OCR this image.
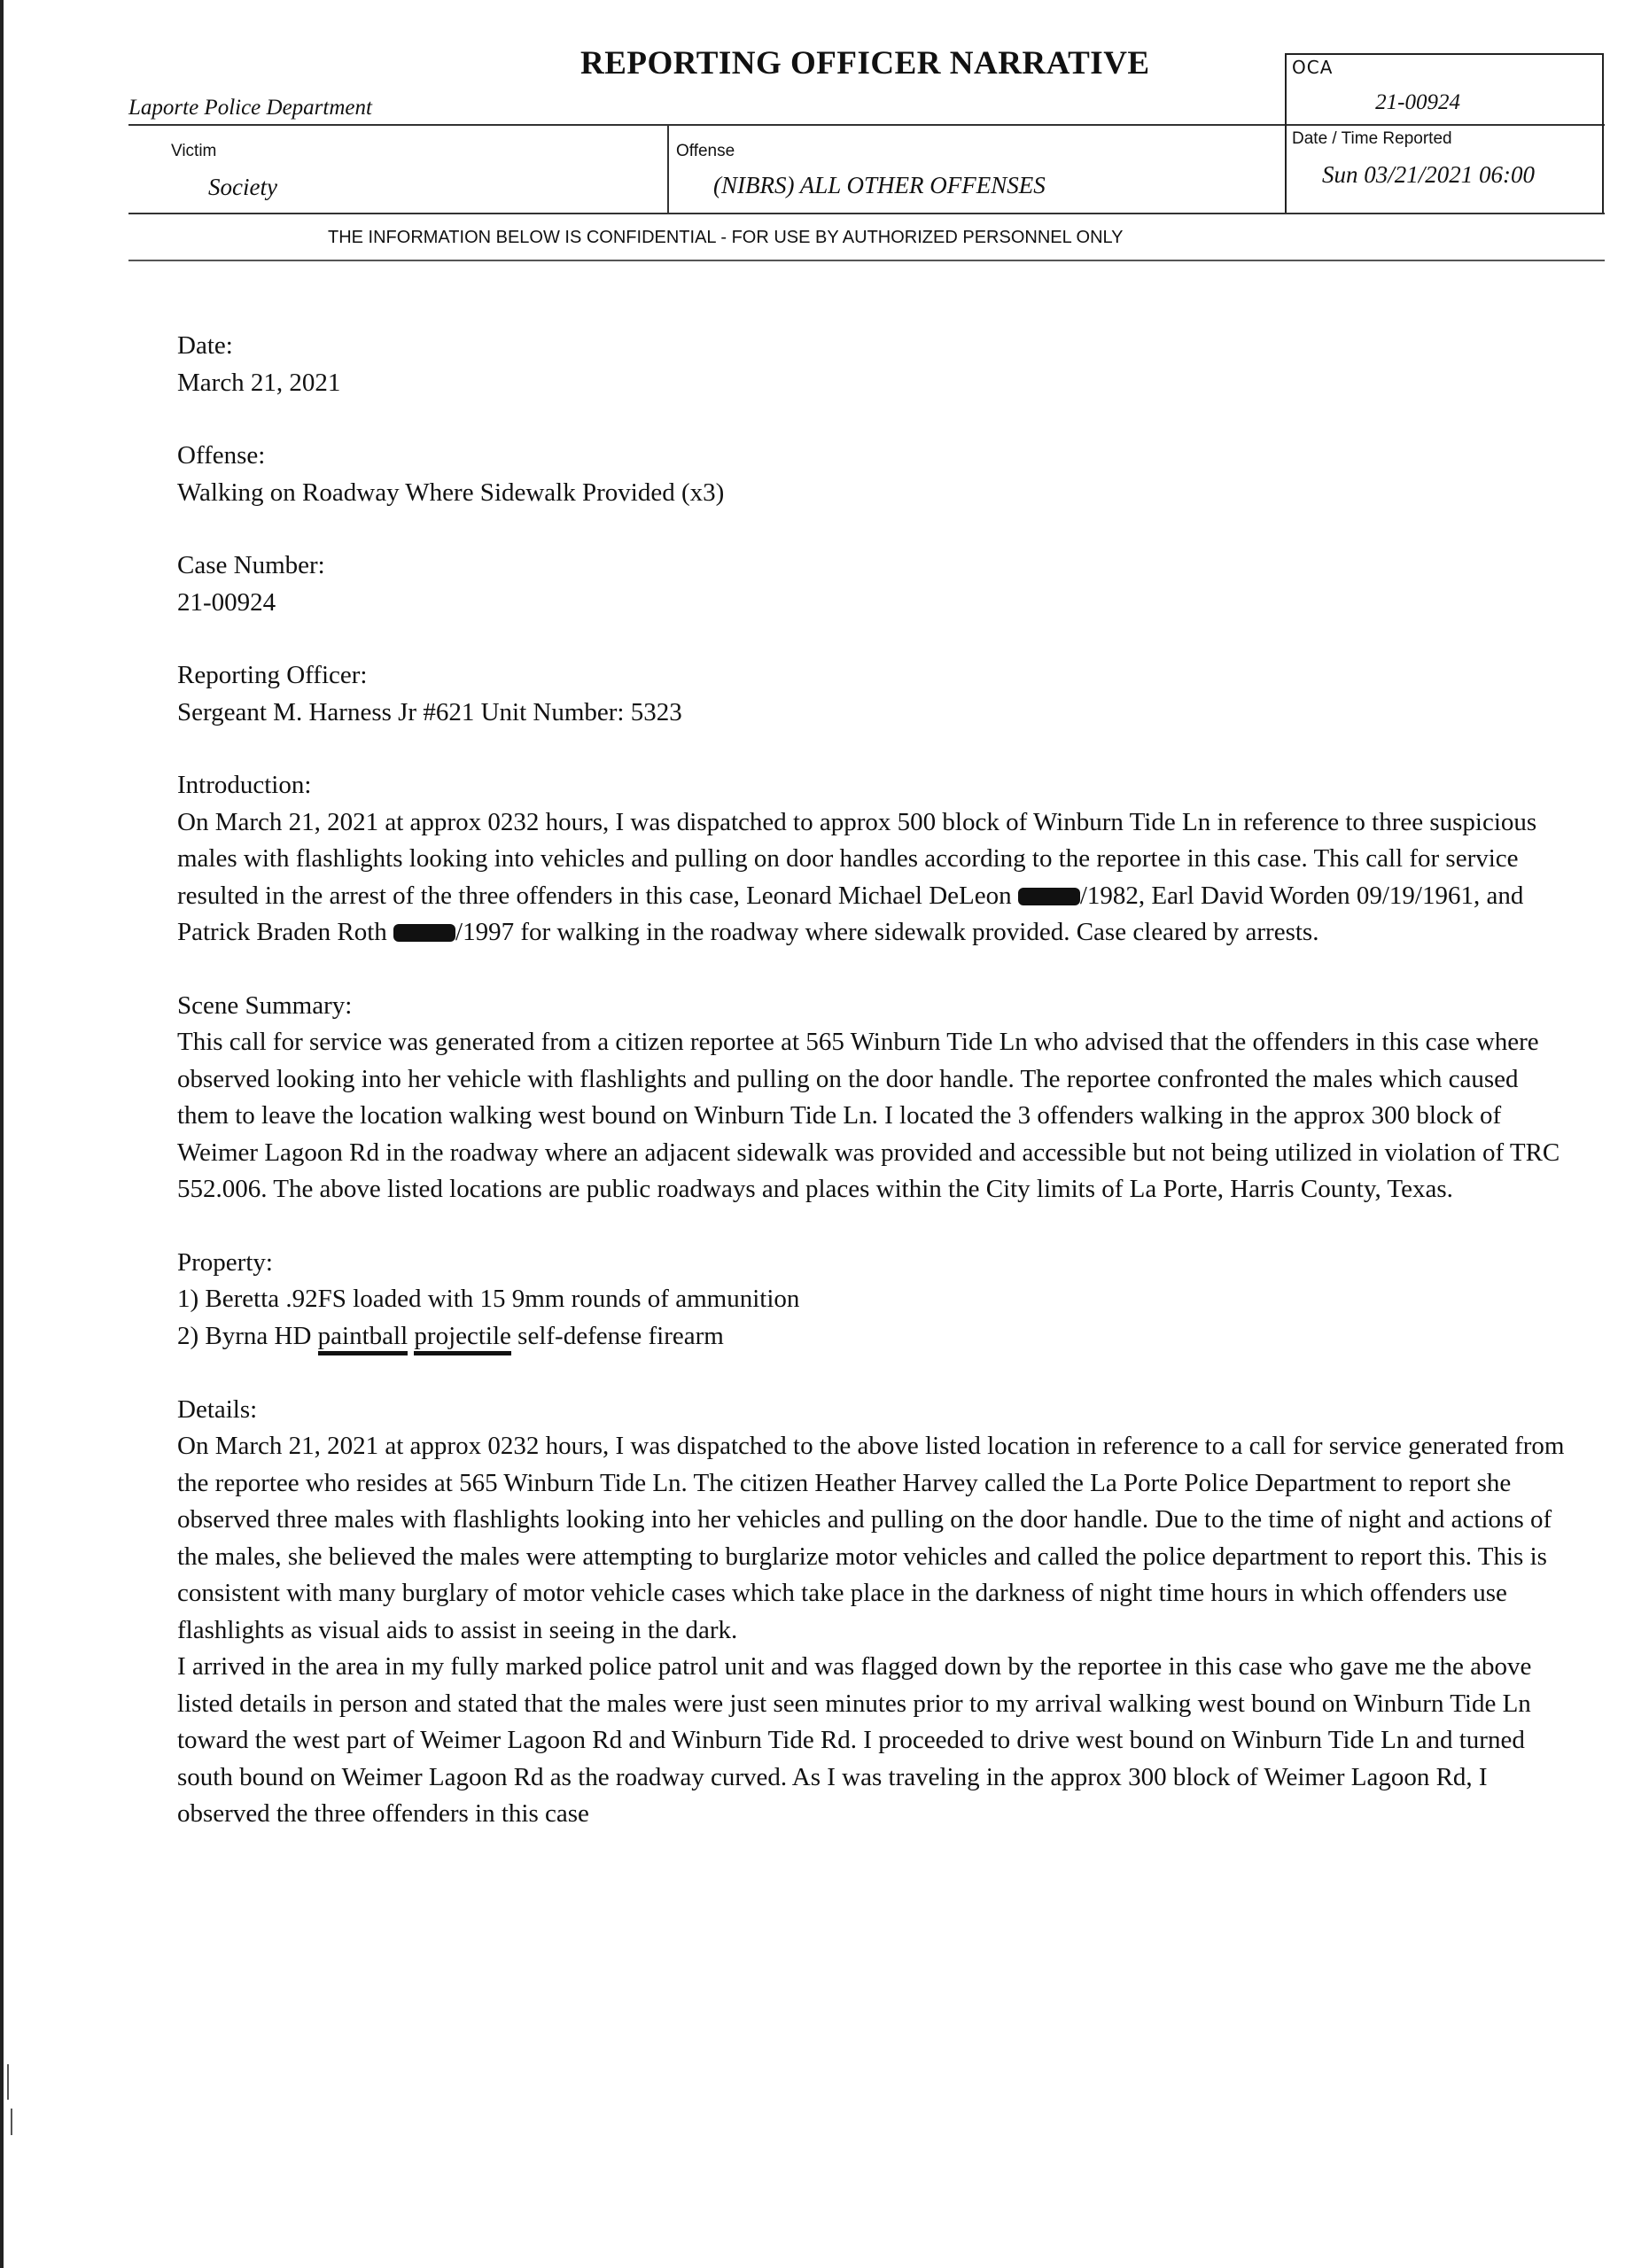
REPORTING OFFICER NARRATIVE
Laporte Police Department
OCA
21-00924
Victim
Society
Offense
(NIBRS) ALL OTHER OFFENSES
Date / Time Reported
Sun 03/21/2021 06:00
THE INFORMATION BELOW IS CONFIDENTIAL - FOR USE BY AUTHORIZED PERSONNEL ONLY

Date:

March 21, 2021

Offense:

Walking on Roadway Where Sidewalk Provided (x3)

Case Number:

21-00924

Reporting Officer:

Sergeant M. Harness Jr #621 Unit Number: 5323

Introduction:

On March 21, 2021 at approx 0232 hours, I was dispatched to approx 500 block of Winburn Tide Ln in reference to three suspicious males with flashlights looking into vehicles and pulling on door handles according to the reportee in this case. This call for service resulted in the arrest of the three offenders in this case, Leonard Michael DeLeon /1982, Earl David Worden 09/19/1961, and Patrick Braden Roth /1997 for walking in the roadway where sidewalk provided. Case cleared by arrests.

Scene Summary:

This call for service was generated from a citizen reportee at 565 Winburn Tide Ln who advised that the offenders in this case where observed looking into her vehicle with flashlights and pulling on the door handle. The reportee confronted the males which caused them to leave the location walking west bound on Winburn Tide Ln. I located the 3 offenders walking in the approx 300 block of Weimer Lagoon Rd in the roadway where an adjacent sidewalk was provided and accessible but not being utilized in violation of TRC 552.006. The above listed locations are public roadways and places within the City limits of La Porte, Harris County, Texas.

Property:

1) Beretta .92FS loaded with 15 9mm rounds of ammunition

2) Byrna HD paintball projectile self-defense firearm

Details:

On March 21, 2021 at approx 0232 hours, I was dispatched to the above listed location in reference to a call for service generated from the reportee who resides at 565 Winburn Tide Ln. The citizen Heather Harvey called the La Porte Police Department to report she observed three males with flashlights looking into her vehicles and pulling on the door handle. Due to the time of night and actions of the males, she believed the males were attempting to burglarize motor vehicles and called the police department to report this. This is consistent with many burglary of motor vehicle cases which take place in the darkness of night time hours in which offenders use flashlights as visual aids to assist in seeing in the dark.

I arrived in the area in my fully marked police patrol unit and was flagged down by the reportee in this case who gave me the above listed details in person and stated that the males were just seen minutes prior to my arrival walking west bound on Winburn Tide Ln toward the west part of Weimer Lagoon Rd and Winburn Tide Rd. I proceeded to drive west bound on Winburn Tide Ln and turned south bound on Weimer Lagoon Rd as the roadway curved. As I was traveling in the approx 300 block of Weimer Lagoon Rd, I observed the three offenders in this case
